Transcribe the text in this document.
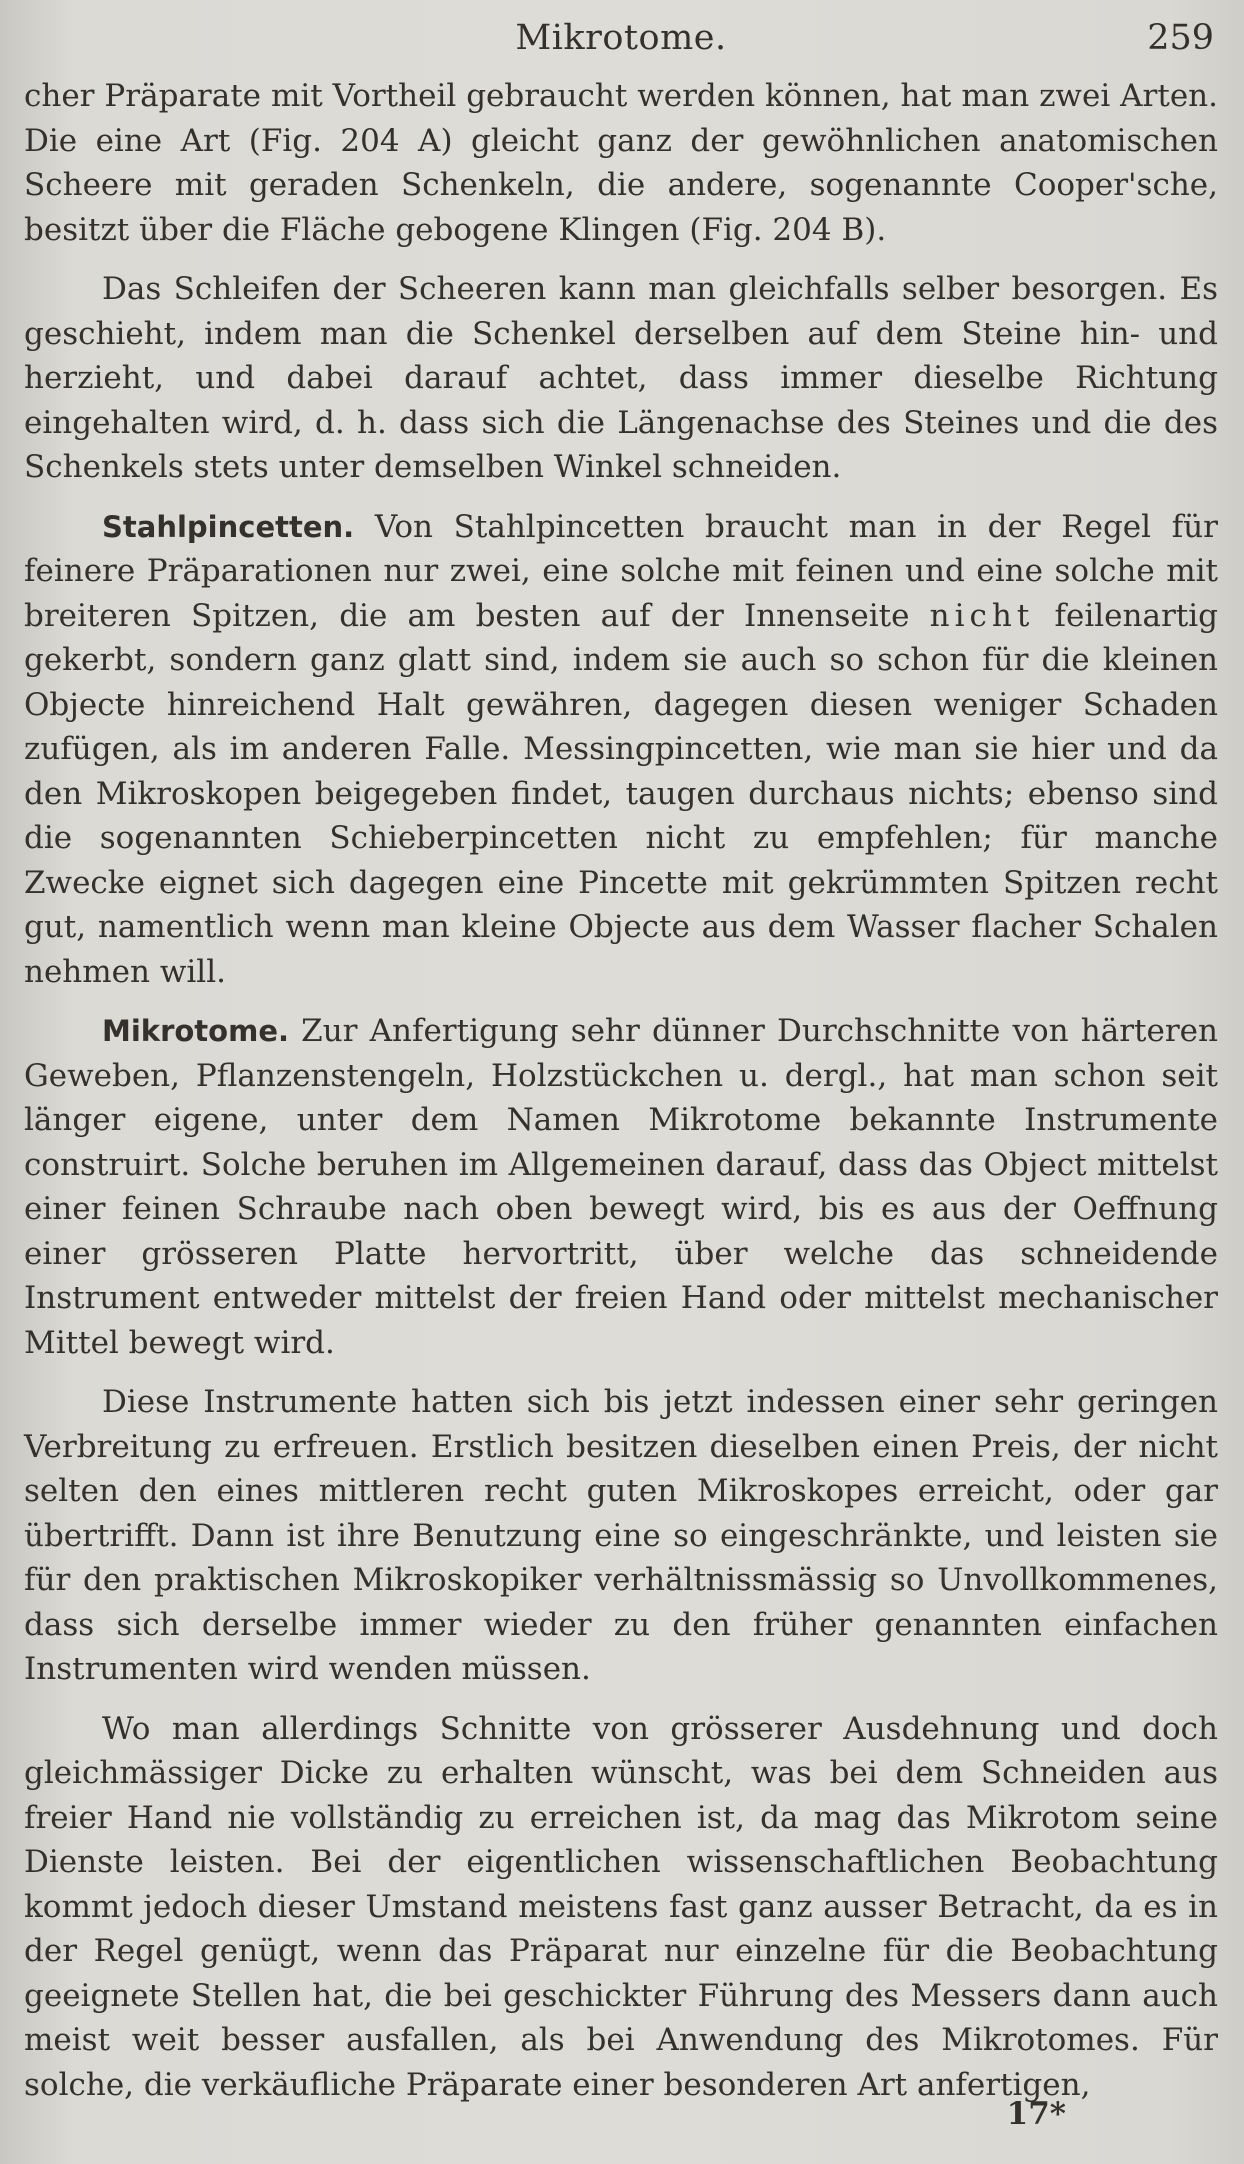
Mikrotome.	259

cher Präparate mit Vortheil gebraucht werden können, hat man zwei Arten. Die eine Art (Fig. 204 A) gleicht ganz der gewöhnlichen anatomischen Scheere mit geraden Schenkeln, die andere, sogenannte Cooper'sche, besitzt über die Fläche gebogene Klingen (Fig. 204 B).

Das Schleifen der Scheeren kann man gleichfalls selber besorgen. Es geschieht, indem man die Schenkel derselben auf dem Steine hin- und herzieht, und dabei darauf achtet, dass immer dieselbe Richtung eingehalten wird, d. h. dass sich die Längenachse des Steines und die des Schenkels stets unter demselben Winkel schneiden.

Stahlpincetten. Von Stahlpincetten braucht man in der Regel für feinere Präparationen nur zwei, eine solche mit feinen und eine solche mit breiteren Spitzen, die am besten auf der Innenseite nicht feilenartig gekerbt, sondern ganz glatt sind, indem sie auch so schon für die kleinen Objecte hinreichend Halt gewähren, dagegen diesen weniger Schaden zufügen, als im anderen Falle. Messingpincetten, wie man sie hier und da den Mikroskopen beigegeben findet, taugen durchaus nichts; ebenso sind die sogenannten Schieberpincetten nicht zu empfehlen; für manche Zwecke eignet sich dagegen eine Pincette mit gekrümmten Spitzen recht gut, namentlich wenn man kleine Objecte aus dem Wasser flacher Schalen nehmen will.

Mikrotome. Zur Anfertigung sehr dünner Durchschnitte von härteren Geweben, Pflanzenstengeln, Holzstückchen u. dergl., hat man schon seit länger eigene, unter dem Namen Mikrotome bekannte Instrumente construirt. Solche beruhen im Allgemeinen darauf, dass das Object mittelst einer feinen Schraube nach oben bewegt wird, bis es aus der Oeffnung einer grösseren Platte hervortritt, über welche das schneidende Instrument entweder mittelst der freien Hand oder mittelst mechanischer Mittel bewegt wird.

Diese Instrumente hatten sich bis jetzt indessen einer sehr geringen Verbreitung zu erfreuen. Erstlich besitzen dieselben einen Preis, der nicht selten den eines mittleren recht guten Mikroskopes erreicht, oder gar übertrifft. Dann ist ihre Benutzung eine so eingeschränkte, und leisten sie für den praktischen Mikroskopiker verhältnissmässig so Unvollkommenes, dass sich derselbe immer wieder zu den früher genannten einfachen Instrumenten wird wenden müssen.

Wo man allerdings Schnitte von grösserer Ausdehnung und doch gleichmässiger Dicke zu erhalten wünscht, was bei dem Schneiden aus freier Hand nie vollständig zu erreichen ist, da mag das Mikrotom seine Dienste leisten. Bei der eigentlichen wissenschaftlichen Beobachtung kommt jedoch dieser Umstand meistens fast ganz ausser Betracht, da es in der Regel genügt, wenn das Präparat nur einzelne für die Beobachtung geeignete Stellen hat, die bei geschickter Führung des Messers dann auch meist weit besser ausfallen, als bei Anwendung des Mikrotomes. Für solche, die verkäufliche Präparate einer besonderen Art anfertigen,

17*
